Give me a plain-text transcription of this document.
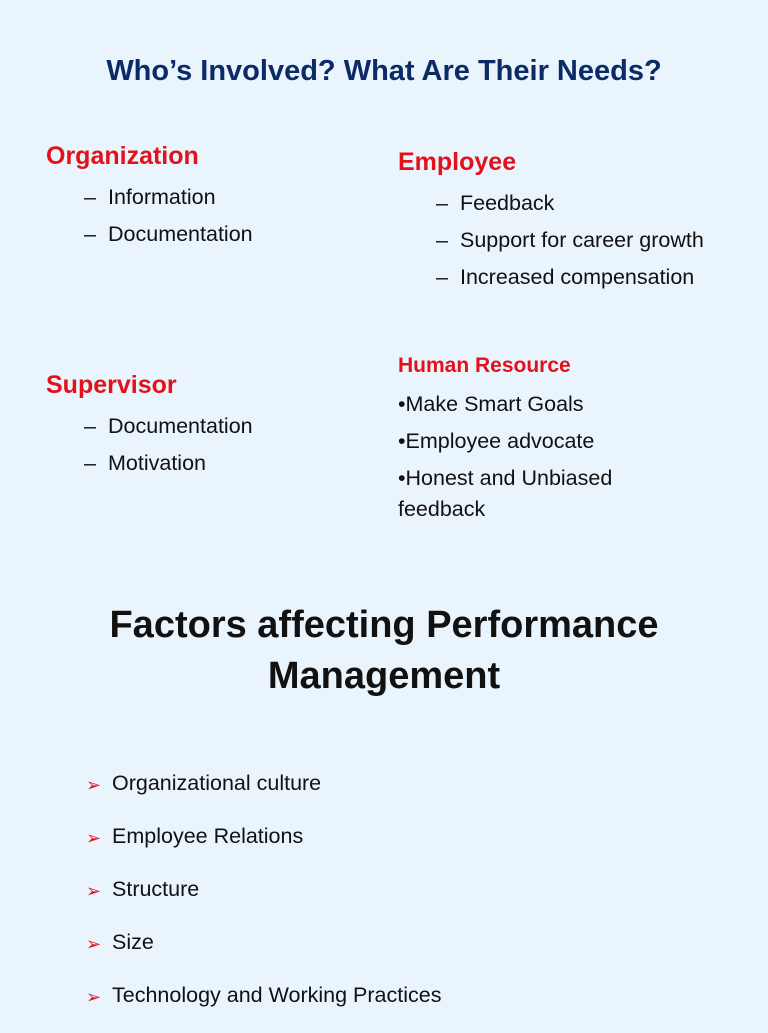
Who’s Involved? What Are Their Needs?
Organization
– Information
– Documentation
Employee
– Feedback
– Support for career growth
– Increased compensation
Supervisor
– Documentation
– Motivation
Human Resource
•Make Smart Goals
•Employee advocate
•Honest and Unbiased feedback
Factors affecting Performance Management
➢ Organizational culture
➢ Employee Relations
➢ Structure
➢ Size
➢ Technology and Working Practices
